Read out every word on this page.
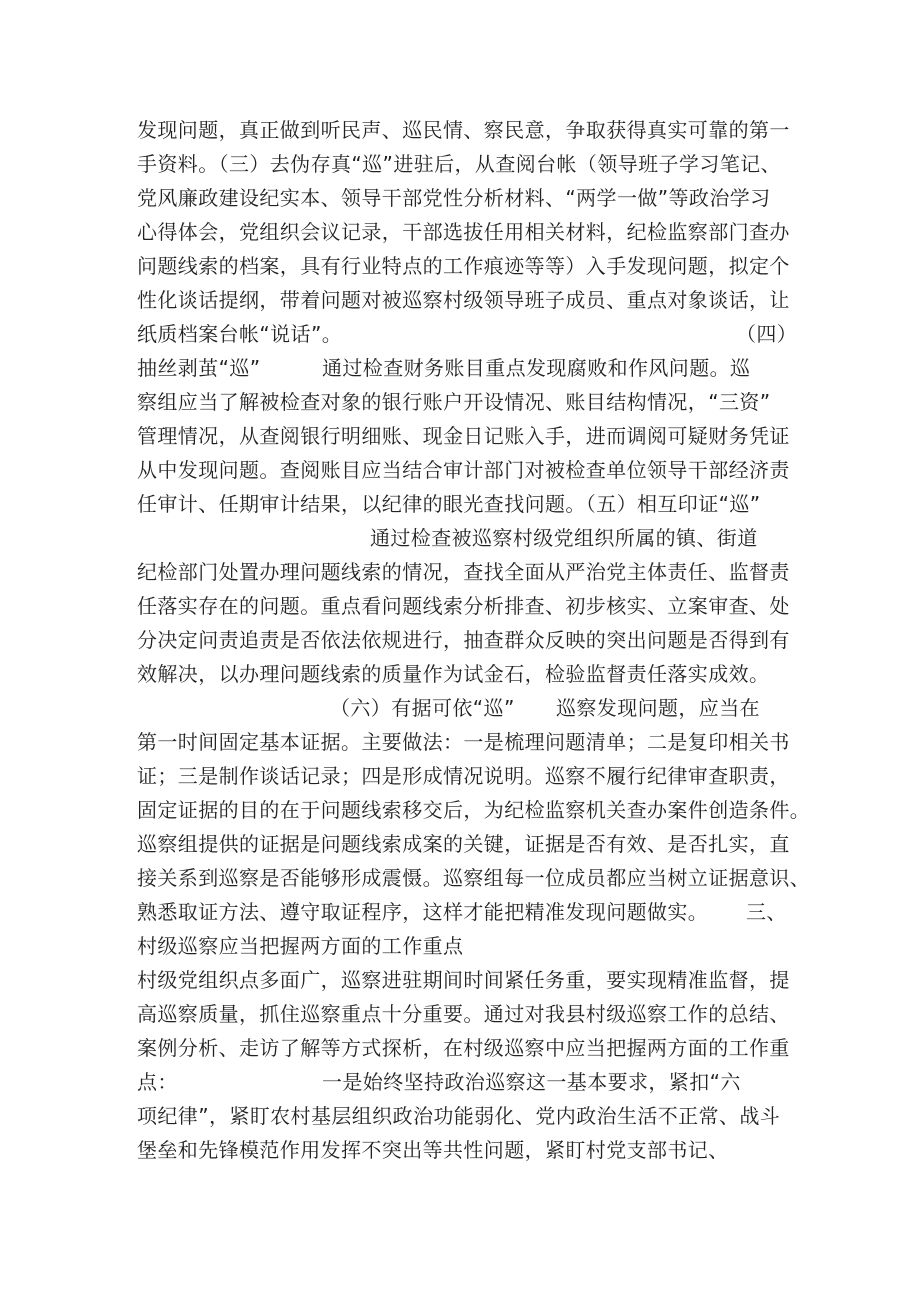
发现问题，真正做到听民声、巡民情、察民意，争取获得真实可靠的第一
手资料。（三）去伪存真“巡”进驻后，从查阅台帐（领导班子学习笔记、
党风廉政建设纪实本、领导干部党性分析材料、“两学一做”等政治学习
心得体会，党组织会议记录，干部选拔任用相关材料，纪检监察部门查办
问题线索的档案，具有行业特点的工作痕迹等等）入手发现问题，拟定个
性化谈话提纲，带着问题对被巡察村级领导班子成员、重点对象谈话，让
纸质档案台帐“说话”。	（四）
抽丝剥茧“巡”	通过检查财务账目重点发现腐败和作风问题。巡
察组应当了解被检查对象的银行账户开设情况、账目结构情况，“三资”
管理情况，从查阅银行明细账、现金日记账入手，进而调阅可疑财务凭证
从中发现问题。查阅账目应当结合审计部门对被检查单位领导干部经济责
任审计、任期审计结果，以纪律的眼光查找问题。（五）相互印证“巡”
通过检查被巡察村级党组织所属的镇、街道
纪检部门处置办理问题线索的情况，查找全面从严治党主体责任、监督责
任落实存在的问题。重点看问题线索分析排查、初步核实、立案审查、处
分决定问责追责是否依法依规进行，抽查群众反映的突出问题是否得到有
效解决，以办理问题线索的质量作为试金石，检验监督责任落实成效。
（六）有据可依“巡” 巡察发现问题，应当在
第一时间固定基本证据。主要做法：一是梳理问题清单；二是复印相关书
证；三是制作谈话记录；四是形成情况说明。巡察不履行纪律审查职责，
固定证据的目的在于问题线索移交后，为纪检监察机关查办案件创造条件。
巡察组提供的证据是问题线索成案的关键，证据是否有效、是否扎实，直
接关系到巡察是否能够形成震慑。巡察组每一位成员都应当树立证据意识、
熟悉取证方法、遵守取证程序，这样才能把精准发现问题做实。 三、
村级巡察应当把握两方面的工作重点
村级党组织点多面广，巡察进驻期间时间紧任务重，要实现精准监督，提
高巡察质量，抓住巡察重点十分重要。通过对我县村级巡察工作的总结、
案例分析、走访了解等方式探析，在村级巡察中应当把握两方面的工作重
点：	一是始终坚持政治巡察这一基本要求，紧扣“六
项纪律”，紧盯农村基层组织政治功能弱化、党内政治生活不正常、战斗
堡垒和先锋模范作用发挥不突出等共性问题，紧盯村党支部书记、
